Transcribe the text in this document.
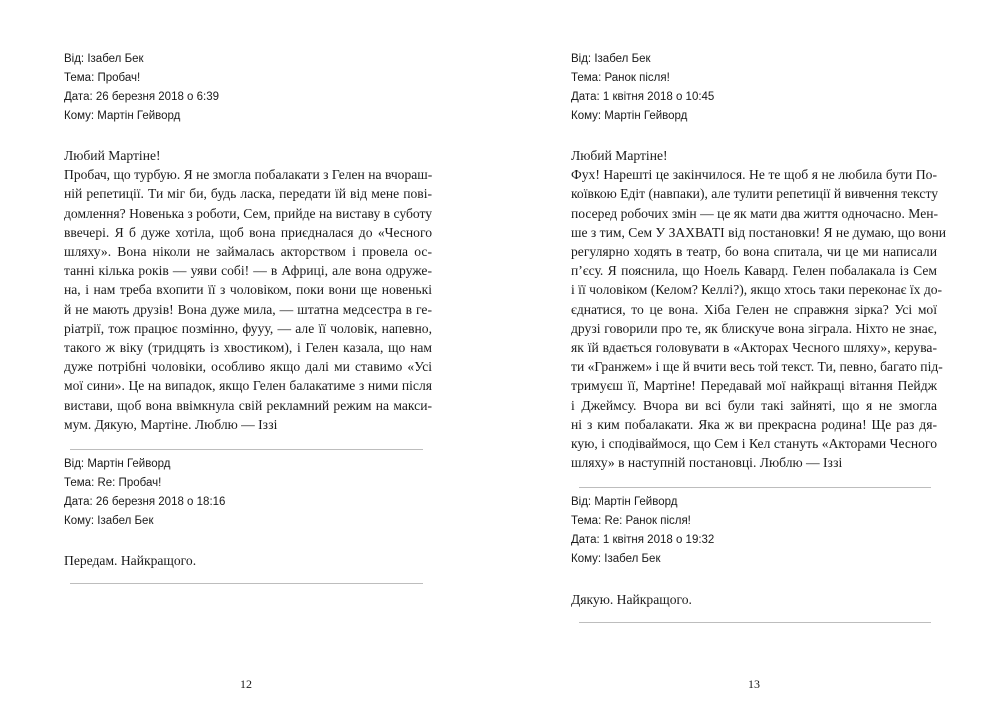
Від: Ізабел Бек
Тема: Пробач!
Дата: 26 березня 2018 о 6:39
Кому: Мартін Гейворд
Любий Мартіне!
Пробач, що турбую. Я не змогла побалакати з Гелен на вчораш-
ній репетиції. Ти міг би, будь ласка, передати їй від мене пові-
домлення? Новенька з роботи, Сем, прийде на виставу в суботу
ввечері. Я б дуже хотіла, щоб вона приєдналася до «Чесного
шляху». Вона ніколи не займалась акторством і провела ос-
танні кілька років — уяви собі! — в Африці, але вона одруже-
на, і нам треба вхопити її з чоловіком, поки вони ще новенькі
й не мають друзів! Вона дуже мила, — штатна медсестра в ге-
ріатрії, тож працює позмінно, фууу, — але її чоловік, напевно,
такого ж віку (тридцять із хвостиком), і Гелен казала, що нам
дуже потрібні чоловіки, особливо якщо далі ми ставимо «Усі
мої сини». Це на випадок, якщо Гелен балакатиме з ними після
вистави, щоб вона ввімкнула свій рекламний режим на макси-
мум. Дякую, Мартіне. Люблю — Іззі
Від: Мартін Гейворд
Тема: Re: Пробач!
Дата: 26 березня 2018 о 18:16
Кому: Ізабел Бек
Передам. Найкращого.
12
Від: Ізабел Бек
Тема: Ранок після!
Дата: 1 квітня 2018 о 10:45
Кому: Мартін Гейворд
Любий Мартіне!
Фух! Нарешті це закінчилося. Не те щоб я не любила бути По-
коївкою Едіт (навпаки), але тулити репетиції й вивчення тексту
посеред робочих змін — це як мати два життя одночасно. Мен-
ше з тим, Сем У ЗАХВАТІ від постановки! Я не думаю, що вони
регулярно ходять в театр, бо вона спитала, чи це ми написали
п’єсу. Я пояснила, що Ноель Кавард. Гелен побалакала із Сем
і її чоловіком (Келом? Келлі?), якщо хтось таки переконає їх до-
єднатися, то це вона. Хіба Гелен не справжня зірка? Усі мої
друзі говорили про те, як блискуче вона зіграла. Ніхто не знає,
як їй вдається головувати в «Акторах Чесного шляху», керува-
ти «Гранжем» і ще й вчити весь той текст. Ти, певно, багато під-
тримуєш її, Мартіне! Передавай мої найкращі вітання Пейдж
і Джеймсу. Вчора ви всі були такі зайняті, що я не змогла
ні з ким побалакати. Яка ж ви прекрасна родина! Ще раз дя-
кую, і сподіваймося, що Сем і Кел стануть «Акторами Чесного
шляху» в наступній постановці. Люблю — Іззі
Від: Мартін Гейворд
Тема: Re: Ранок після!
Дата: 1 квітня 2018 о 19:32
Кому: Ізабел Бек
Дякую. Найкращого.
13
